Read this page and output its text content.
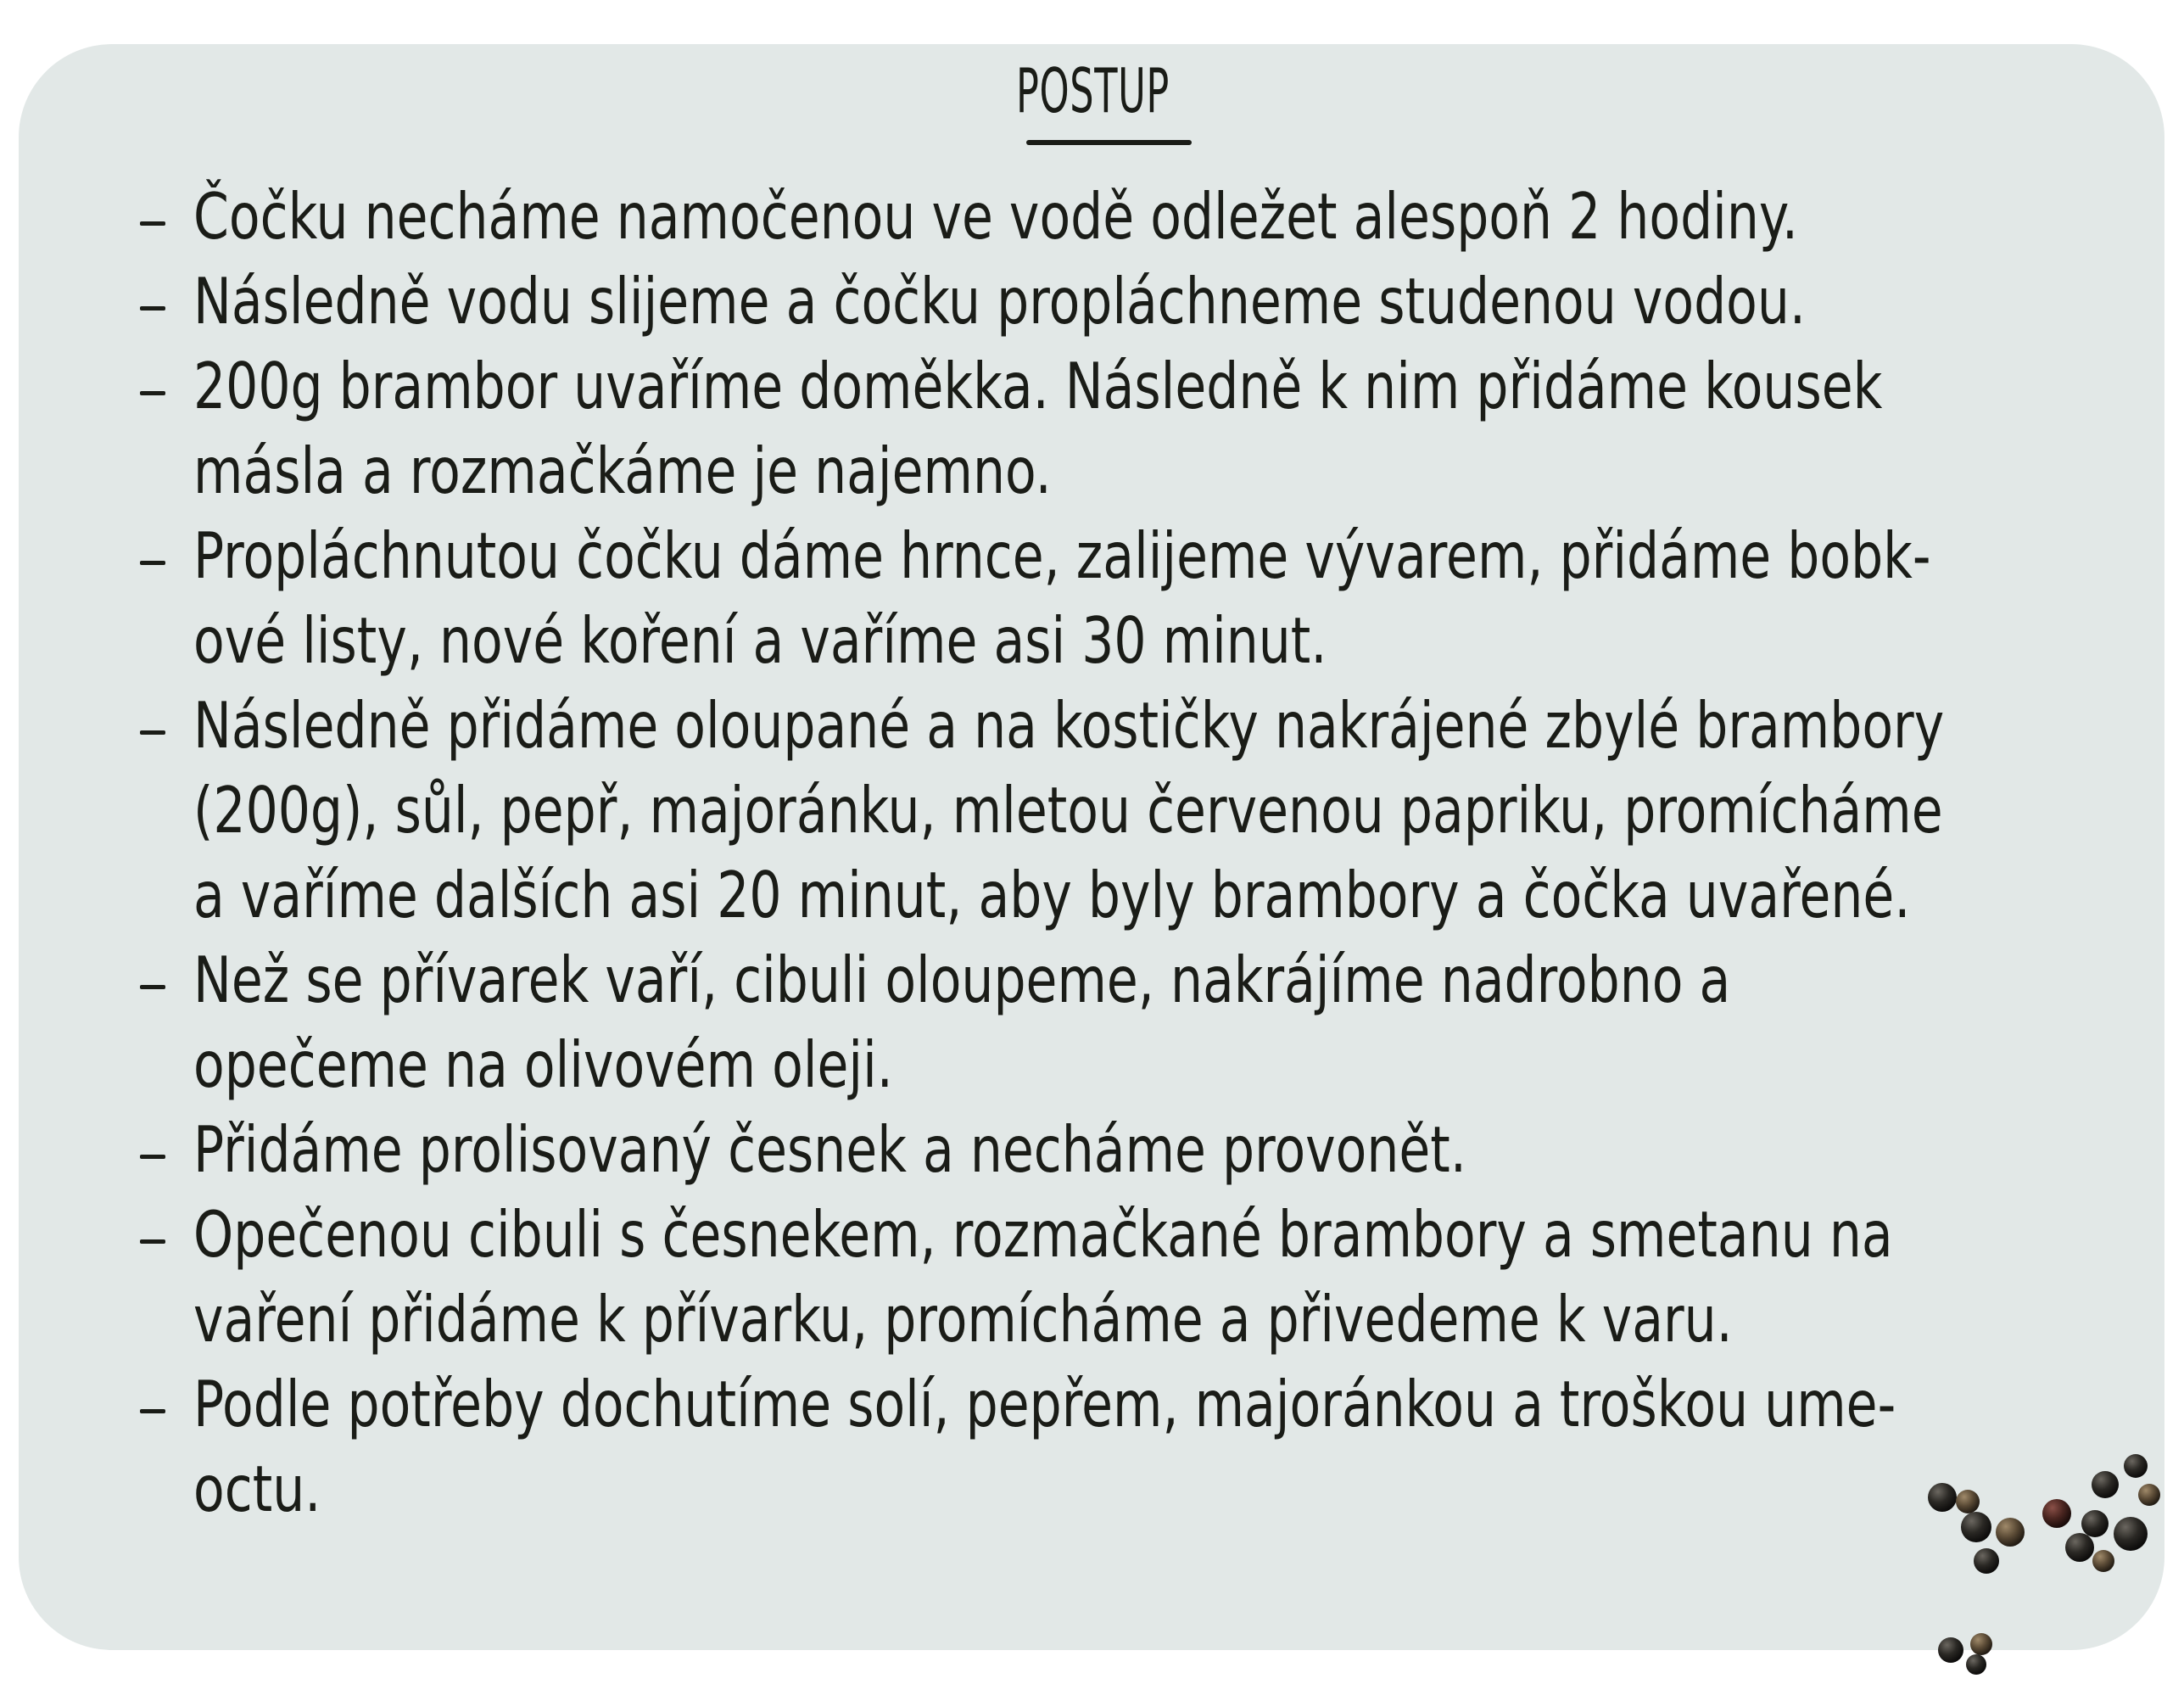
POSTUP
Čočku necháme namočenou ve vodě odležet alespoň 2 hodiny.
Následně vodu slijeme a čočku propláchneme studenou vodou.
200g brambor uvaříme doměkka. Následně k nim přidáme kousek
másla a rozmačkáme je najemno.
Propláchnutou čočku dáme hrnce, zalijeme vývarem, přidáme bobk-
ové listy, nové koření a vaříme asi 30 minut.
Následně přidáme oloupané a na kostičky nakrájené zbylé brambory
(200g), sůl, pepř, majoránku, mletou červenou papriku, promícháme
a vaříme dalších asi 20 minut, aby byly brambory a čočka uvařené.
Než se přívarek vaří, cibuli oloupeme, nakrájíme nadrobno a
opečeme na olivovém oleji.
Přidáme prolisovaný česnek a necháme provonět.
Opečenou cibuli s česnekem, rozmačkané brambory a smetanu na
vaření přidáme k přívarku, promícháme a přivedeme k varu.
Podle potřeby dochutíme solí, pepřem, majoránkou a troškou ume-
octu.
